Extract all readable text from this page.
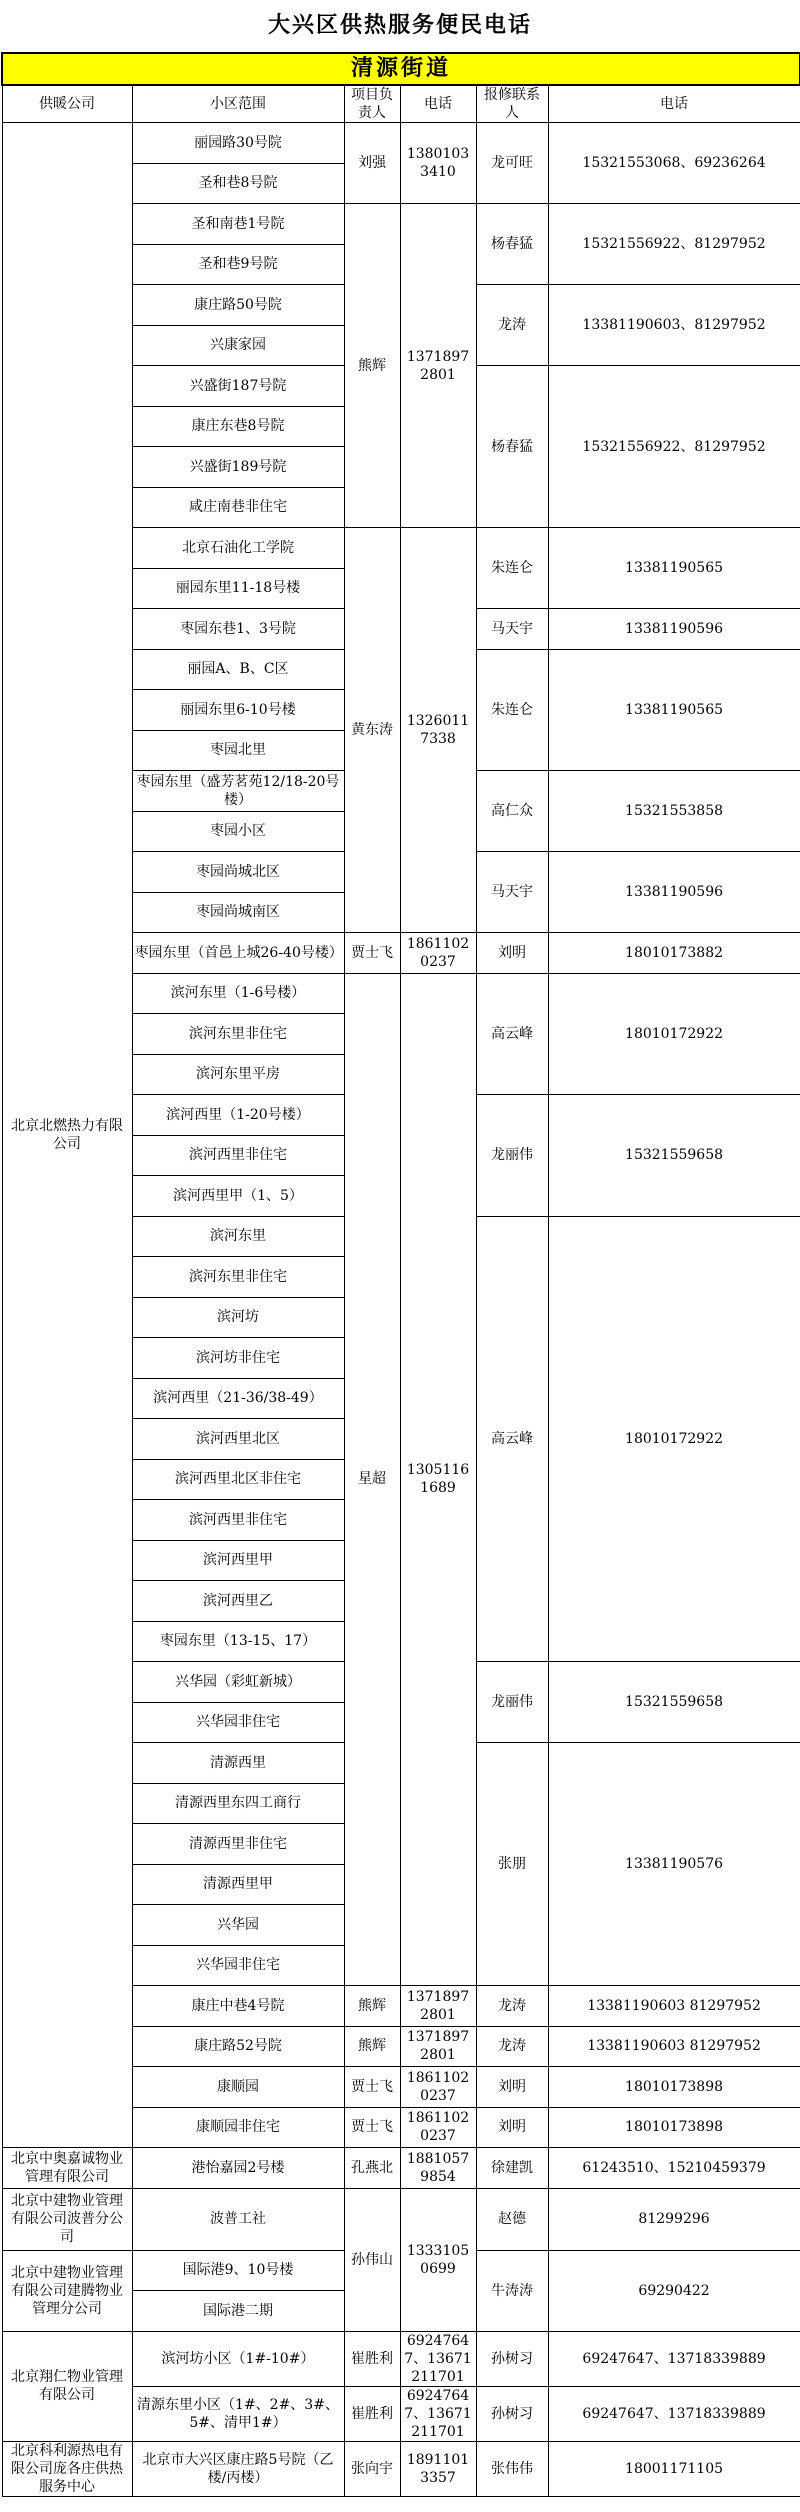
大兴区供热服务便民电话
清源街道					
供暖公司	小区范围	项目负责人	电话	报修联系人	电话
北京北燃热力有限公司	丽园路30号院	刘强	13801033410	龙可旺	15321553068、69236264
	圣和巷8号院				
	圣和南巷1号院	熊辉	13718972801	杨春猛	15321556922、81297952
	圣和巷9号院				
	康庄路50号院			龙涛	13381190603、81297952
	兴康家园				
	兴盛街187号院			杨春猛	15321556922、81297952
	康庄东巷8号院				
	兴盛街189号院				
	咸庄南巷非住宅				
	北京石油化工学院	黄东涛	13260117338	朱连仑	13381190565
	丽园东里11-18号楼				
	枣园东巷1、3号院			马天宇	13381190596
	丽园A、B、C区			朱连仑	13381190565
	丽园东里6-10号楼				
	枣园北里				
	枣园东里（盛芳茗苑12/18-20号楼）			高仁众	15321553858
	枣园小区				
	枣园尚城北区			马天宇	13381190596
	枣园尚城南区				
	枣园东里（首邑上城26-40号楼）	贾士飞	18611020237	刘明	18010173882
	滨河东里（1-6号楼）	星超	13051161689	高云峰	18010172922
	滨河东里非住宅				
	滨河东里平房				
	滨河西里（1-20号楼）			龙丽伟	15321559658
	滨河西里非住宅				
	滨河西里甲（1、5）				
	滨河东里			高云峰	18010172922
	滨河东里非住宅				
	滨河坊				
	滨河坊非住宅				
	滨河西里（21-36/38-49）				
	滨河西里北区				
	滨河西里北区非住宅				
	滨河西里非住宅				
	滨河西里甲				
	滨河西里乙				
	枣园东里（13-15、17）				
	兴华园（彩虹新城）			龙丽伟	15321559658
	兴华园非住宅				
	清源西里			张朋	13381190576
	清源西里东四工商行				
	清源西里非住宅				
	清源西里甲				
	兴华园				
	兴华园非住宅				
	康庄中巷4号院	熊辉	13718972801	龙涛	13381190603 81297952
	康庄路52号院	熊辉	13718972801	龙涛	13381190603 81297952
	康顺园	贾士飞	18611020237	刘明	18010173898
	康顺园非住宅	贾士飞	18611020237	刘明	18010173898
北京中奥嘉诚物业管理有限公司	港怡嘉园2号楼	孔燕北	18810579854	徐建凯	61243510、15210459379
北京中建物业管理有限公司波普分公司	波普工社	孙伟山	13331050699	赵德	81299296
北京中建物业管理有限公司建腾物业管理分公司	国际港9、10号楼			牛涛涛	69290422
	国际港二期				
北京翔仁物业管理有限公司	滨河坊小区（1#-10#）	崔胜利	69247647、13671211701	孙树习	69247647、13718339889
	清源东里小区（1#、2#、3#、5#、清甲1#）	崔胜利	69247647、13671211701	孙树习	69247647、13718339889
北京科利源热电有限公司庞各庄供热服务中心	北京市大兴区康庄路5号院（乙楼/丙楼）	张向宇	18911013357	张伟伟	18001171105
